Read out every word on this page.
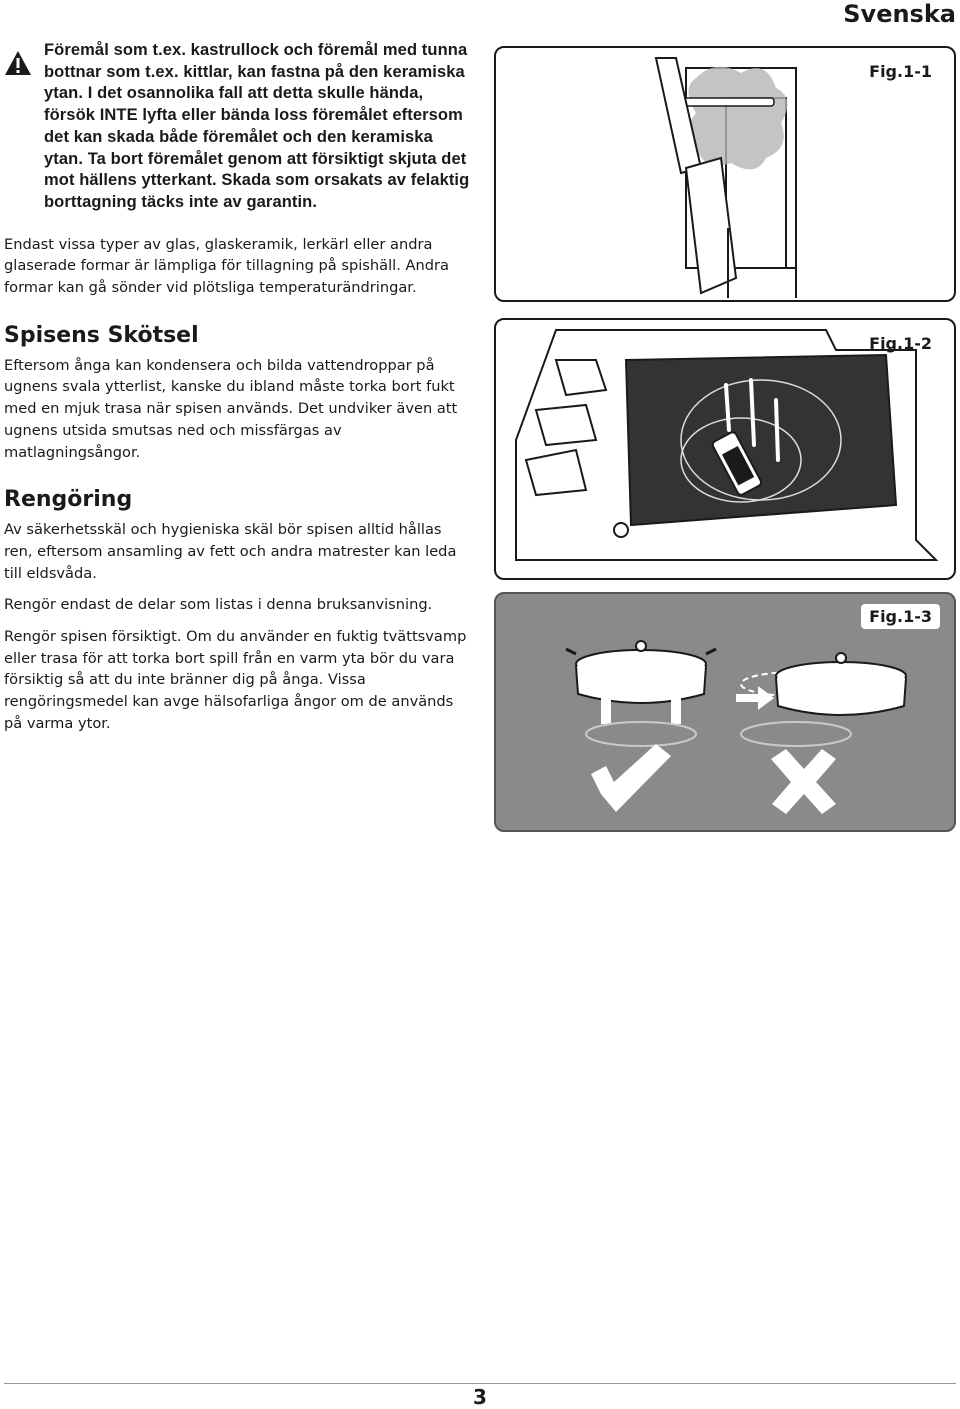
Svenska

Föremål som t.ex. kastrullock och föremål med tunna bottnar som t.ex. kittlar, kan fastna på den keramiska ytan. I det osannolika fall att detta skulle hända, försök INTE lyfta eller bända loss föremålet eftersom det kan skada både föremålet och den keramiska ytan. Ta bort föremålet genom att försiktigt skjuta det mot hällens ytterkant. Skada som orsakats av felaktig borttagning täcks inte av garantin.

Endast vissa typer av glas, glaskeramik, lerkärl eller andra glaserade formar är lämpliga för tillagning på spishäll. Andra formar kan gå sönder vid plötsliga temperaturändringar.

Spisens Skötsel

Eftersom ånga kan kondensera och bilda vattendroppar på ugnens svala ytterlist, kanske du ibland måste torka bort fukt med en mjuk trasa när spisen används. Det undviker även att ugnens utsida smutsas ned och missfärgas av matlagningsångor.

Rengöring

Av säkerhetsskäl och hygieniska skäl bör spisen alltid hållas ren, eftersom ansamling av fett och andra matrester kan leda till eldsvåda.

Rengör endast de delar som listas i denna bruksanvisning.

Rengör spisen försiktigt. Om du använder en fuktig tvättsvamp eller trasa för att torka bort spill från en varm yta bör du vara försiktig så att du inte bränner dig på ånga. Vissa rengöringsmedel kan avge hälsofarliga ångor om de används på varma ytor.

Fig.1-1
Fig.1-2
Fig.1-3
3
